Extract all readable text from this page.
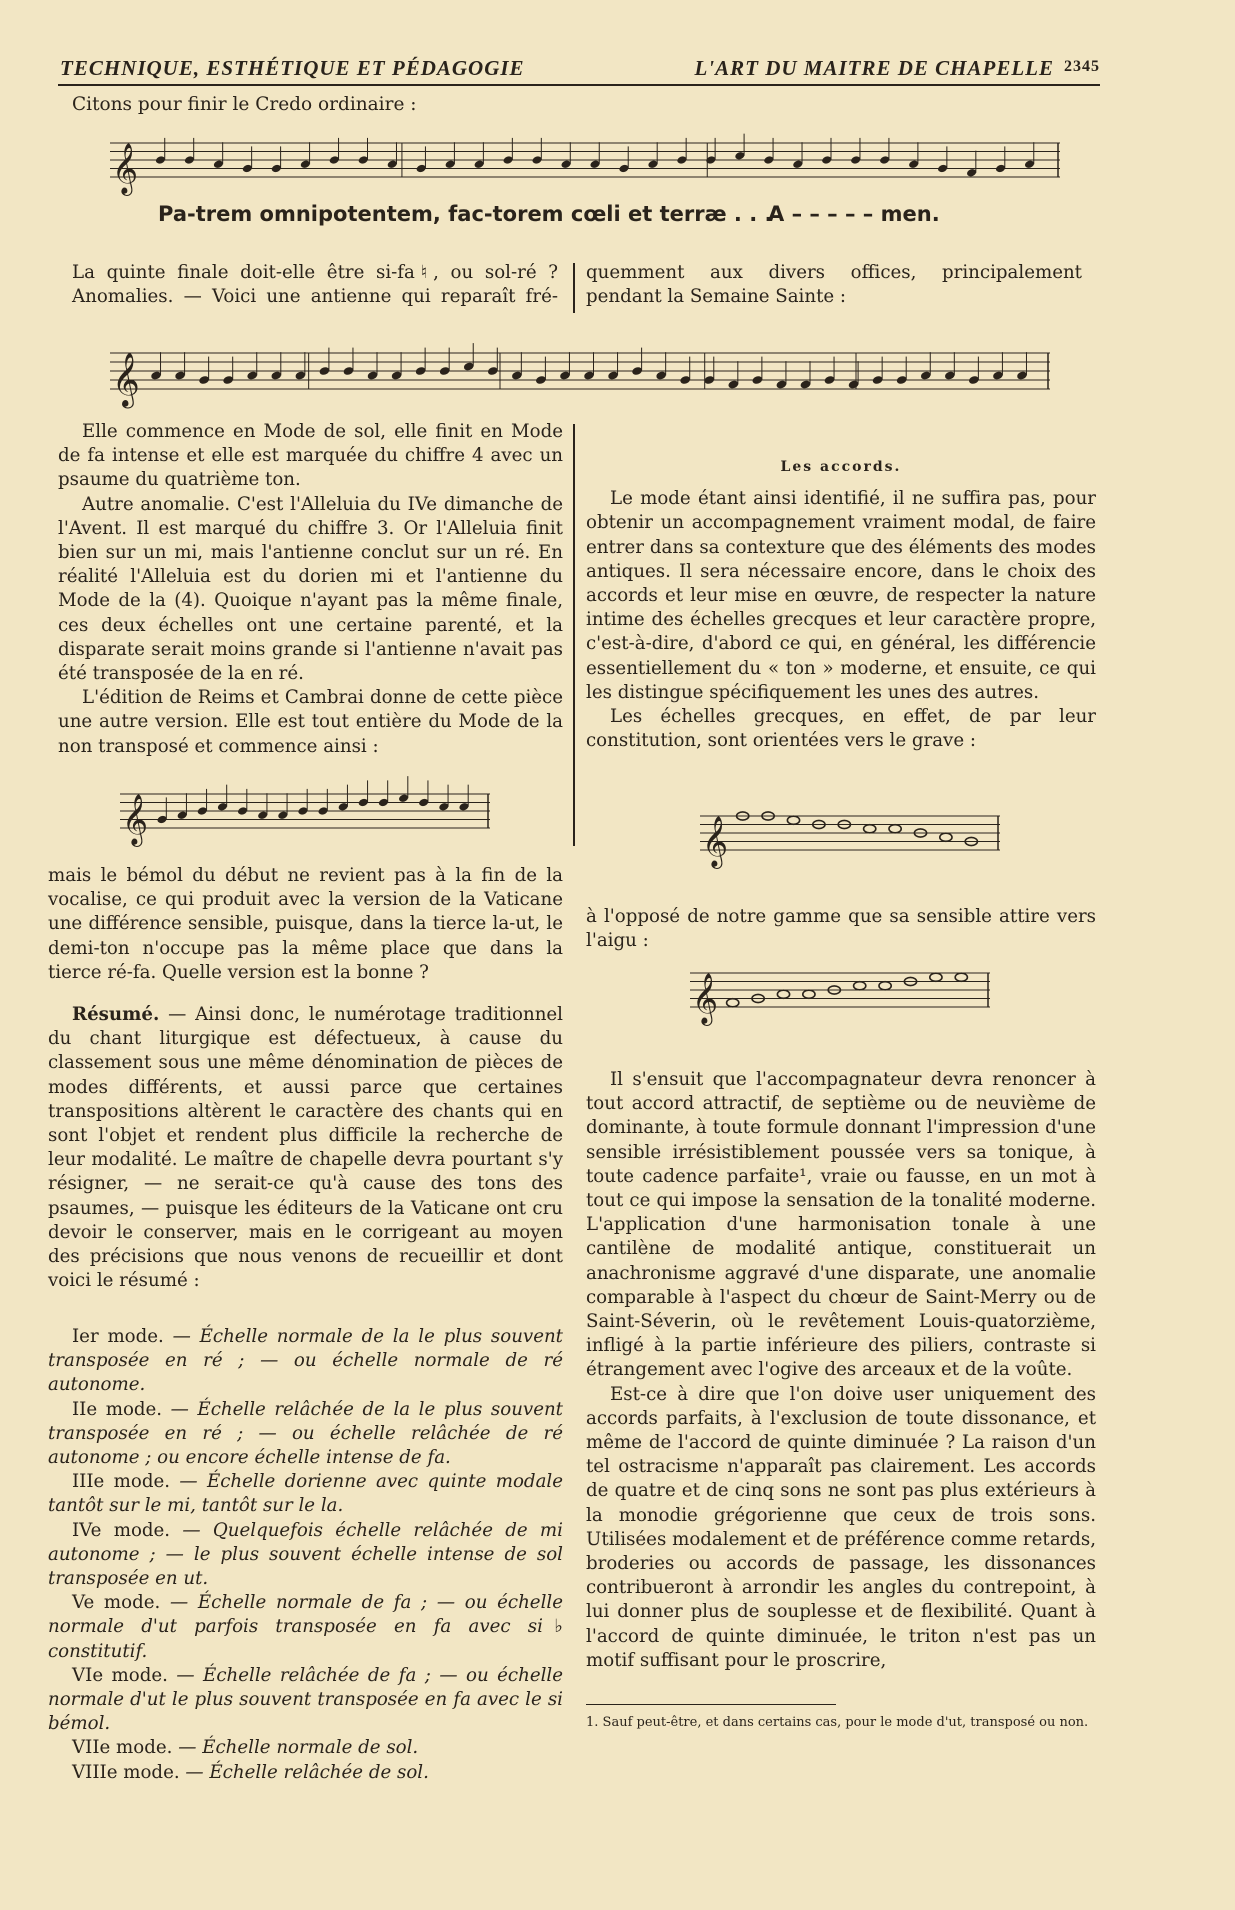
TECHNIQUE, ESTHÉTIQUE ET PÉDAGOGIE	L'ART DU MAITRE DE CHAPELLE 2345
Citons pour finir le Credo ordinaire :
𝄞
Pa-trem omnipotentem, fac-torem cœli et terræ . . .
A – – – – – men.

La quinte finale doit-elle être si-fa♮, ou sol-ré ? Anomalies. — Voici une antienne qui reparaît fré-

quemment aux divers offices, principalement pendant la Semaine Sainte :

𝄞

Elle commence en Mode de sol, elle finit en Mode de fa intense et elle est marquée du chiffre 4 avec un psaume du quatrième ton.

Autre anomalie. C'est l'Alleluia du IVe dimanche de l'Avent. Il est marqué du chiffre 3. Or l'Alleluia finit bien sur un mi, mais l'antienne conclut sur un ré. En réalité l'Alleluia est du dorien mi et l'antienne du Mode de la (4). Quoique n'ayant pas la même finale, ces deux échelles ont une certaine parenté, et la disparate serait moins grande si l'antienne n'avait pas été transposée de la en ré.

L'édition de Reims et Cambrai donne de cette pièce une autre version. Elle est tout entière du Mode de la non transposé et commence ainsi :

𝄞

mais le bémol du début ne revient pas à la fin de la vocalise, ce qui produit avec la version de la Vaticane une différence sensible, puisque, dans la tierce la-ut, le demi-ton n'occupe pas la même place que dans la tierce ré-fa. Quelle version est la bonne ?

Résumé. — Ainsi donc, le numérotage traditionnel du chant liturgique est défectueux, à cause du classement sous une même dénomination de pièces de modes différents, et aussi parce que certaines transpositions altèrent le caractère des chants qui en sont l'objet et rendent plus difficile la recherche de leur modalité. Le maître de chapelle devra pourtant s'y résigner, — ne serait-ce qu'à cause des tons des psaumes, — puisque les éditeurs de la Vaticane ont cru devoir le conserver, mais en le corrigeant au moyen des précisions que nous venons de recueillir et dont voici le résumé :

Ier mode. — Échelle normale de la le plus souvent transposée en ré ; — ou échelle normale de ré autonome.

IIe mode. — Échelle relâchée de la le plus souvent transposée en ré ; — ou échelle relâchée de ré autonome ; ou encore échelle intense de fa.

IIIe mode. — Échelle dorienne avec quinte modale tantôt sur le mi, tantôt sur le la.

IVe mode. — Quelquefois échelle relâchée de mi autonome ; — le plus souvent échelle intense de sol transposée en ut.

Ve mode. — Échelle normale de fa ; — ou échelle normale d'ut parfois transposée en fa avec si♭ constitutif.

VIe mode. — Échelle relâchée de fa ; — ou échelle normale d'ut le plus souvent transposée en fa avec le si bémol.

VIIe mode. — Échelle normale de sol.

VIIIe mode. — Échelle relâchée de sol.

Les accords.

Le mode étant ainsi identifié, il ne suffira pas, pour obtenir un accompagnement vraiment modal, de faire entrer dans sa contexture que des éléments des modes antiques. Il sera nécessaire encore, dans le choix des accords et leur mise en œuvre, de respecter la nature intime des échelles grecques et leur caractère propre, c'est-à-dire, d'abord ce qui, en général, les différencie essentiellement du « ton » moderne, et ensuite, ce qui les distingue spécifiquement les unes des autres.

Les échelles grecques, en effet, de par leur constitution, sont orientées vers le grave :

𝄞

à l'opposé de notre gamme que sa sensible attire vers l'aigu :

𝄞

Il s'ensuit que l'accompagnateur devra renoncer à tout accord attractif, de septième ou de neuvième de dominante, à toute formule donnant l'impression d'une sensible irrésistiblement poussée vers sa tonique, à toute cadence parfaite¹, vraie ou fausse, en un mot à tout ce qui impose la sensation de la tonalité moderne. L'application d'une harmonisation tonale à une cantilène de modalité antique, constituerait un anachronisme aggravé d'une disparate, une anomalie comparable à l'aspect du chœur de Saint-Merry ou de Saint-Séverin, où le revêtement Louis-quatorzième, infligé à la partie inférieure des piliers, contraste si étrangement avec l'ogive des arceaux et de la voûte.

Est-ce à dire que l'on doive user uniquement des accords parfaits, à l'exclusion de toute dissonance, et même de l'accord de quinte diminuée ? La raison d'un tel ostracisme n'apparaît pas clairement. Les accords de quatre et de cinq sons ne sont pas plus extérieurs à la monodie grégorienne que ceux de trois sons. Utilisées modalement et de préférence comme retards, broderies ou accords de passage, les dissonances contribueront à arrondir les angles du contrepoint, à lui donner plus de souplesse et de flexibilité. Quant à l'accord de quinte diminuée, le triton n'est pas un motif suffisant pour le proscrire,

1. Sauf peut-être, et dans certains cas, pour le mode d'ut, transposé ou non.
